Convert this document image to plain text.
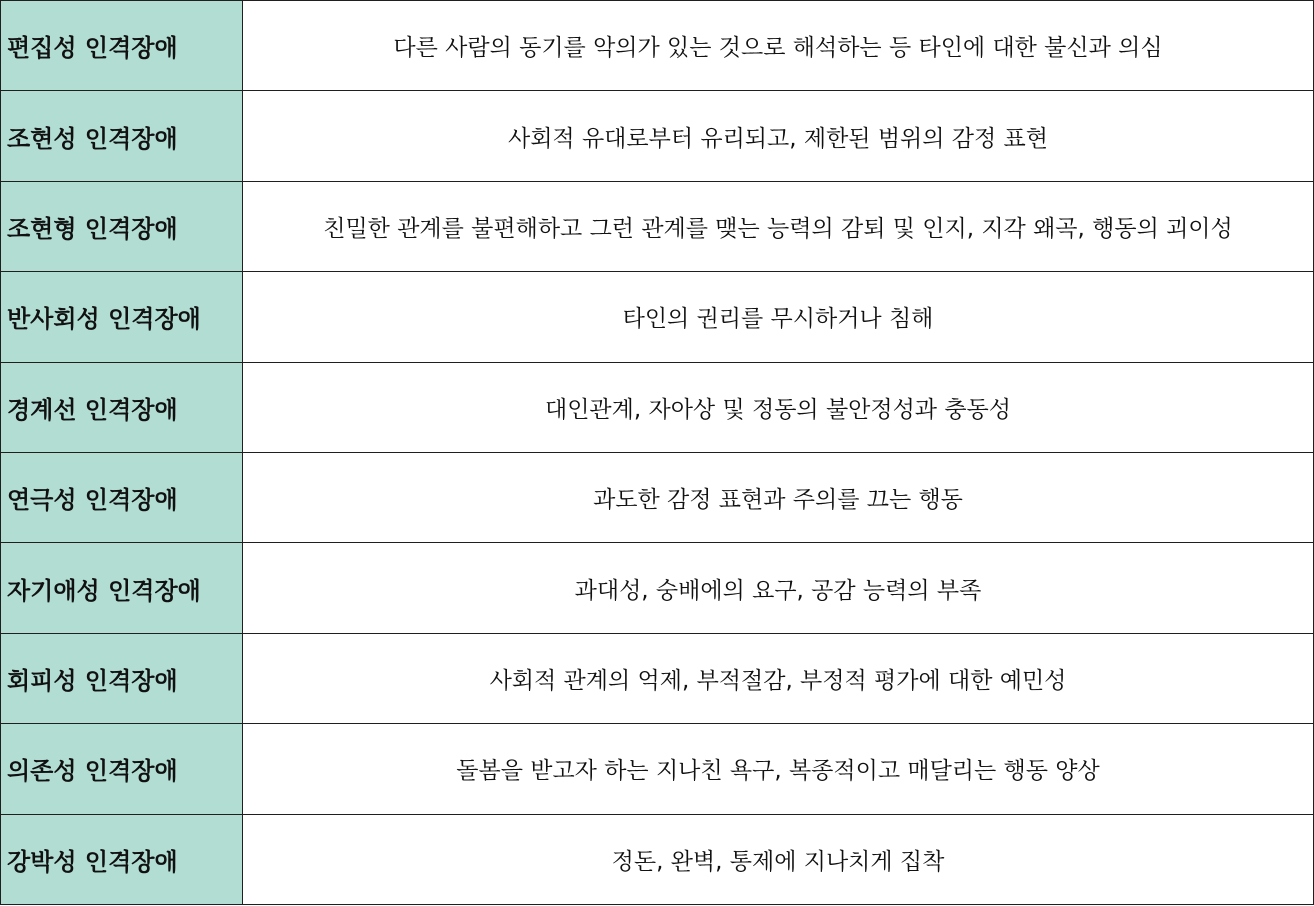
편집성 인격장애	다른 사람의 동기를 악의가 있는 것으로 해석하는 등 타인에 대한 불신과 의심
조현성 인격장애	사회적 유대로부터 유리되고, 제한된 범위의 감정 표현
조현형 인격장애	친밀한 관계를 불편해하고 그런 관계를 맺는 능력의 감퇴 및 인지, 지각 왜곡, 행동의 괴이성
반사회성 인격장애	타인의 권리를 무시하거나 침해
경계선 인격장애	대인관계, 자아상 및 정동의 불안정성과 충동성
연극성 인격장애	과도한 감정 표현과 주의를 끄는 행동
자기애성 인격장애	과대성, 숭배에의 요구, 공감 능력의 부족
회피성 인격장애	사회적 관계의 억제, 부적절감, 부정적 평가에 대한 예민성
의존성 인격장애	돌봄을 받고자 하는 지나친 욕구, 복종적이고 매달리는 행동 양상
강박성 인격장애	정돈, 완벽, 통제에 지나치게 집착
